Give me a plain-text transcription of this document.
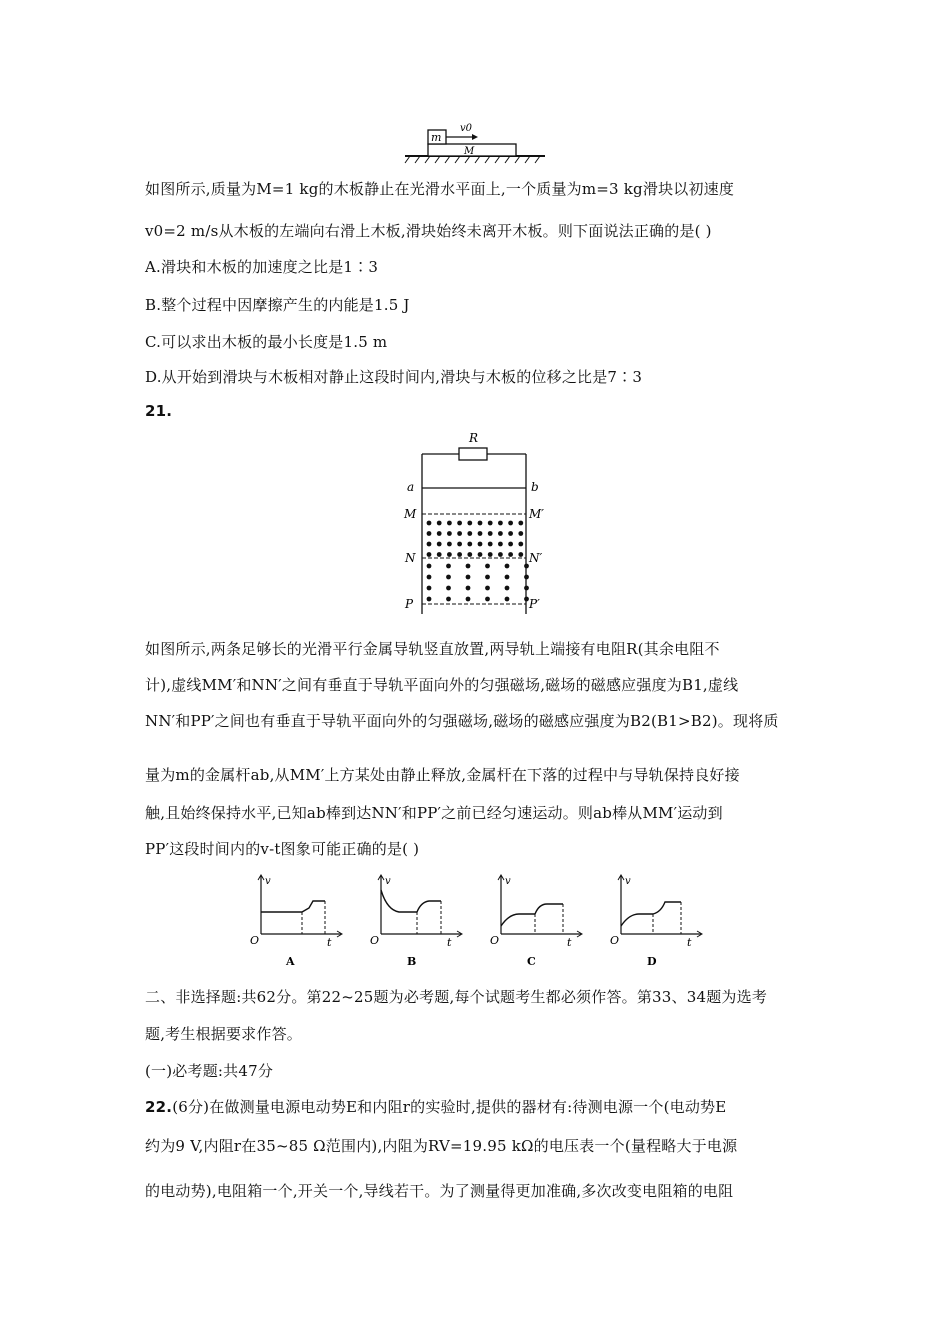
m
v0
M
如图所示,质量为M=1 kg的木板静止在光滑水平面上,一个质量为m=3 kg滑块以初速度
v0=2 m/s从木板的左端向右滑上木板,滑块始终未离开木板。则下面说法正确的是( )
A.滑块和木板的加速度之比是1∶3
B.整个过程中因摩擦产生的内能是1.5 J
C.可以求出木板的最小长度是1.5 m
D.从开始到滑块与木板相对静止这段时间内,滑块与木板的位移之比是7∶3
21.
R
a	b
M	M′
N	N′
P	P′
如图所示,两条足够长的光滑平行金属导轨竖直放置,两导轨上端接有电阻R(其余电阻不
计),虚线MM′和NN′之间有垂直于导轨平面向外的匀强磁场,磁场的磁感应强度为B1,虚线
NN′和PP′之间也有垂直于导轨平面向外的匀强磁场,磁场的磁感应强度为B2(B1>B2)。现将质
量为m的金属杆ab,从MM′上方某处由静止释放,金属杆在下落的过程中与导轨保持良好接
触,且始终保持水平,已知ab棒到达NN′和PP′之前已经匀速运动。则ab棒从MM′运动到
PP′这段时间内的v-t图象可能正确的是( )
v
t
O
A
v
t
O
B
v
t
O
C
v
t
O
D
二、非选择题:共62分。第22~25题为必考题,每个试题考生都必须作答。第33、34题为选考
题,考生根据要求作答。
(一)必考题:共47分
22.(6分)在做测量电源电动势E和内阻r的实验时,提供的器材有:待测电源一个(电动势E
约为9 V,内阻r在35~85 Ω范围内),内阻为RV=19.95 kΩ的电压表一个(量程略大于电源
的电动势),电阻箱一个,开关一个,导线若干。为了测量得更加准确,多次改变电阻箱的电阻
